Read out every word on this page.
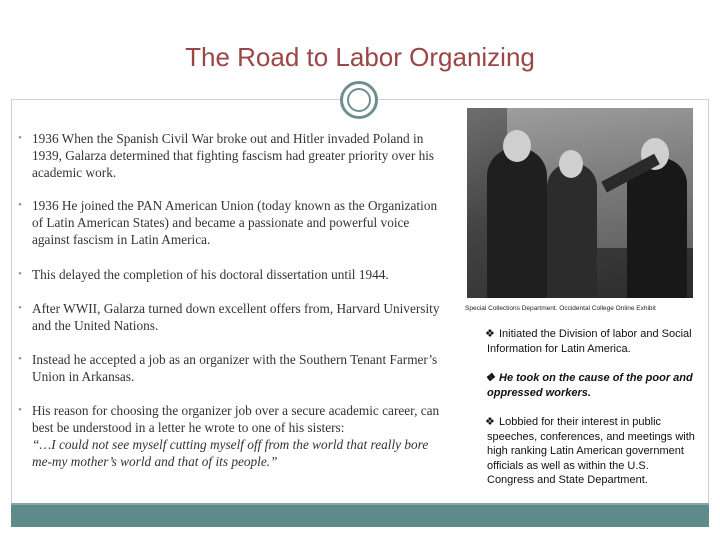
The Road to Labor Organizing
• 1936 When the Spanish Civil War broke out and Hitler invaded Poland in 1939, Galarza determined that fighting fascism had greater priority over his academic work.
• 1936 He joined the PAN American Union (today known as the Organization of Latin American States) and became a passionate and powerful voice against fascism in Latin America.
• This delayed the completion of his doctoral dissertation until 1944.
• After WWII, Galarza turned down excellent offers from, Harvard University and the United Nations.
• Instead he accepted a job as an organizer with the Southern Tenant Farmer’s Union in Arkansas.
• His reason for choosing the organizer job over a secure academic career, can best be understood in a letter he wrote to one of his sisters:
“…I could not see myself cutting myself off from the world that really bore me-my mother’s world and that of its people.”
Special Collections Department. Occidental College Online Exhibit
❖ Initiated the Division of labor and Social Information for Latin America.
❖ He took on the cause of the poor and oppressed workers.
❖ Lobbied for their interest in public speeches, conferences, and meetings with high ranking Latin American government officials as well as within the U.S. Congress and State Department.
